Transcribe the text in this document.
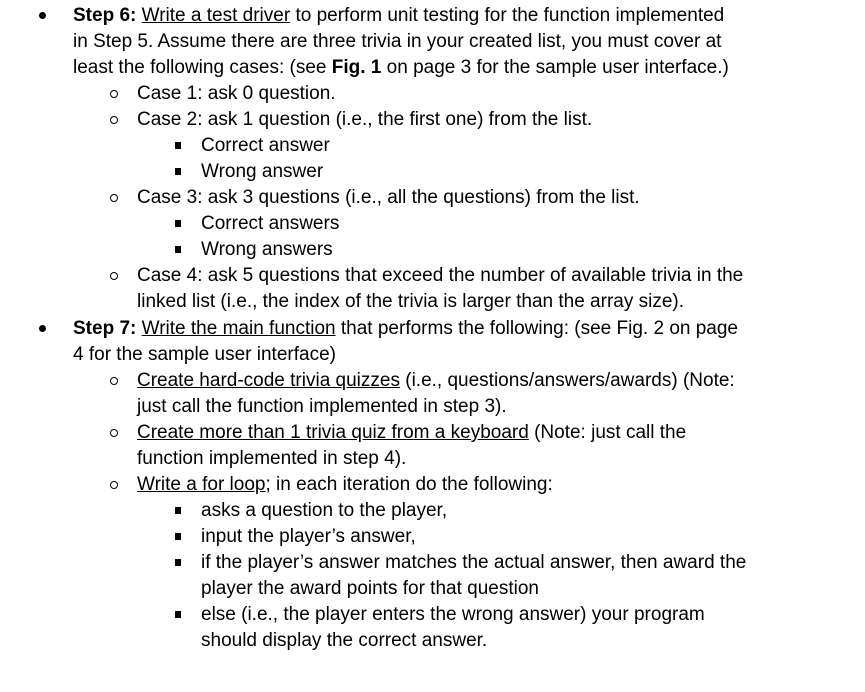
Step 6: Write a test driver to perform unit testing for the function implemented
in Step 5. Assume there are three trivia in your created list, you must cover at
least the following cases: (see Fig. 1 on page 3 for the sample user interface.)
Case 1: ask 0 question.
Case 2: ask 1 question (i.e., the first one) from the list.
Correct answer
Wrong answer
Case 3: ask 3 questions (i.e., all the questions) from the list.
Correct answers
Wrong answers
Case 4: ask 5 questions that exceed the number of available trivia in the
linked list (i.e., the index of the trivia is larger than the array size).
Step 7: Write the main function that performs the following: (see Fig. 2 on page
4 for the sample user interface)
Create hard-code trivia quizzes (i.e., questions/answers/awards) (Note:
just call the function implemented in step 3).
Create more than 1 trivia quiz from a keyboard (Note: just call the
function implemented in step 4).
Write a for loop; in each iteration do the following:
asks a question to the player,
input the player’s answer,
if the player’s answer matches the actual answer, then award the
player the award points for that question
else (i.e., the player enters the wrong answer) your program
should display the correct answer.
